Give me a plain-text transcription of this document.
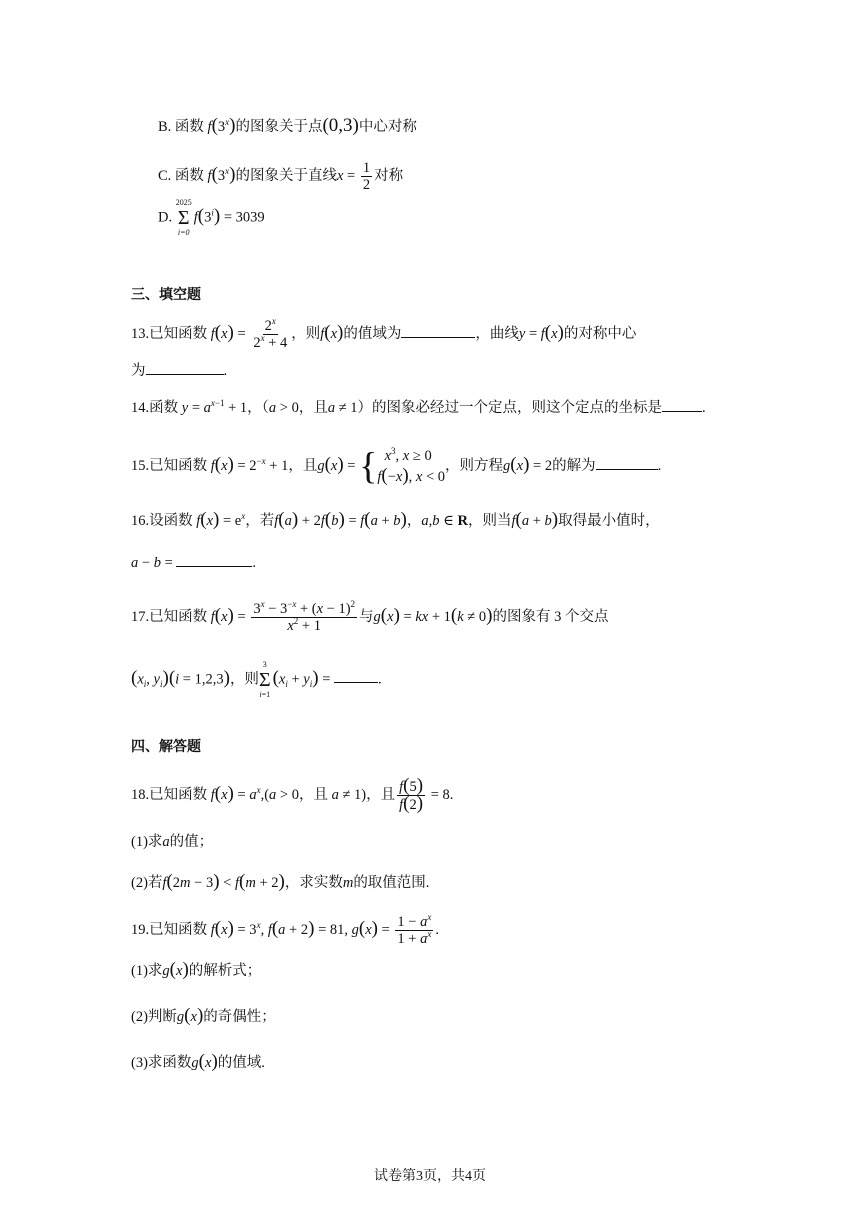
B. 函数 f(3$^x$)的图象关于点(0,3)中心对称
C. 函数 f(3$^x$)的图象关于直线$x = \frac{1}{2}$ 对称
D.
2025
Σ
i=0
$f(3^i) = 3039$
三、填空题
13.已知函数 $f(x) = \frac{2^x}{2^x + 4}$ ，则f(x)的值域为	，曲线y = f(x)的对称中心
为	.
14.函数 $y = a^{x-1} + 1$，（a > 0，且a ≠ 1）的图象必经过一个定点，则这个定点的坐标是	.
15.已知函数 $f(x) = 2^{-x} + 1$，且g(x) = { $x^3$, x ≥ 0
f(−x), x < 0
，则方程g(x) = 2的解为	.
16.设函数 $f(x) = e^x$，若f(a) + 2f(b) = f(a + b)，a,b ∈ R，则当f(a + b)取得最小值时，
a − b =	.
17.已知函数 $f(x) = \frac{3^x - 3^{-x} + (x - 1)^2}{x^2 + 1}$ 与g(x) = kx + 1(k ≠ 0)的图象有 3 个交点
($x_i$, $y_i)(i = 1,2,3)$，则
3
Σ
i=1
$(x_i + y_i)$ =	.
四、解答题
18.已知函数 $f(x) = a^x,(a > 0$，且 a ≠ 1)，且 $\frac{f(5)}{f(2)} = 8$.
(1)求a的值；
(2)若f(2m − 3) < f(m + 2)，求实数m的取值范围.
19.已知函数 $f(x) = 3^x$, f(a + 2) = 81, $g(x) = \frac{1 - a^x}{1 + a^x}$ .
(1)求g(x)的解析式；
(2)判断g(x)的奇偶性；
(3)求函数g(x)的值域.
试卷第3页，共4页
